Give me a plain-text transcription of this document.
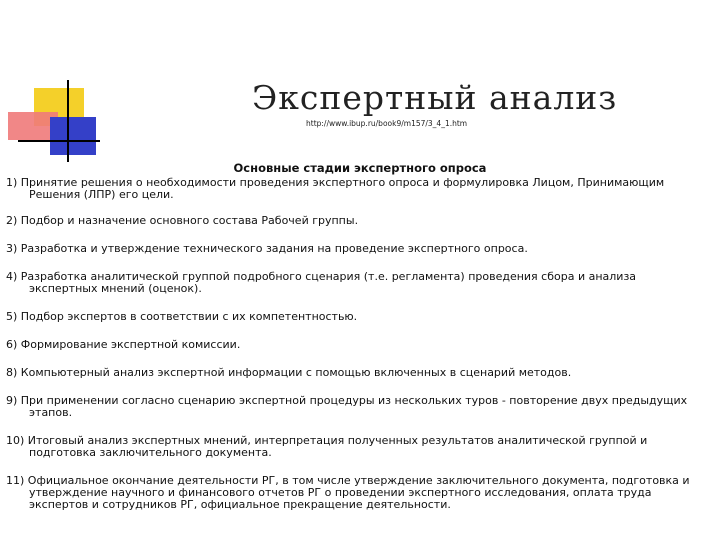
Экспертный анализ
http://www.ibup.ru/book9/m157/3_4_1.htm
Основные стадии экспертного опроса

1) Принятие решения о необходимости проведения экспертного опроса и формулировка Лицом, Принимающим Решения (ЛПР) его цели.

2) Подбор и назначение основного состава Рабочей группы.

3) Разработка и утверждение технического задания на проведение экспертного опроса.

4) Разработка аналитической группой подробного сценария (т.е. регламента) проведения сбора и анализа экспертных мнений (оценок).

5) Подбор экспертов в соответствии с их компетентностью.

6) Формирование экспертной комиссии.

8) Компьютерный анализ экспертной информации с помощью включенных в сценарий методов.

9) При применении согласно сценарию экспертной процедуры из нескольких туров - повторение двух предыдущих этапов.

10) Итоговый анализ экспертных мнений, интерпретация полученных результатов аналитической группой и подготовка заключительного документа.

11) Официальное окончание деятельности РГ, в том числе утверждение заключительного документа, подготовка и утверждение научного и финансового отчетов РГ о проведении экспертного исследования, оплата труда экспертов и сотрудников РГ, официальное прекращение деятельности.
